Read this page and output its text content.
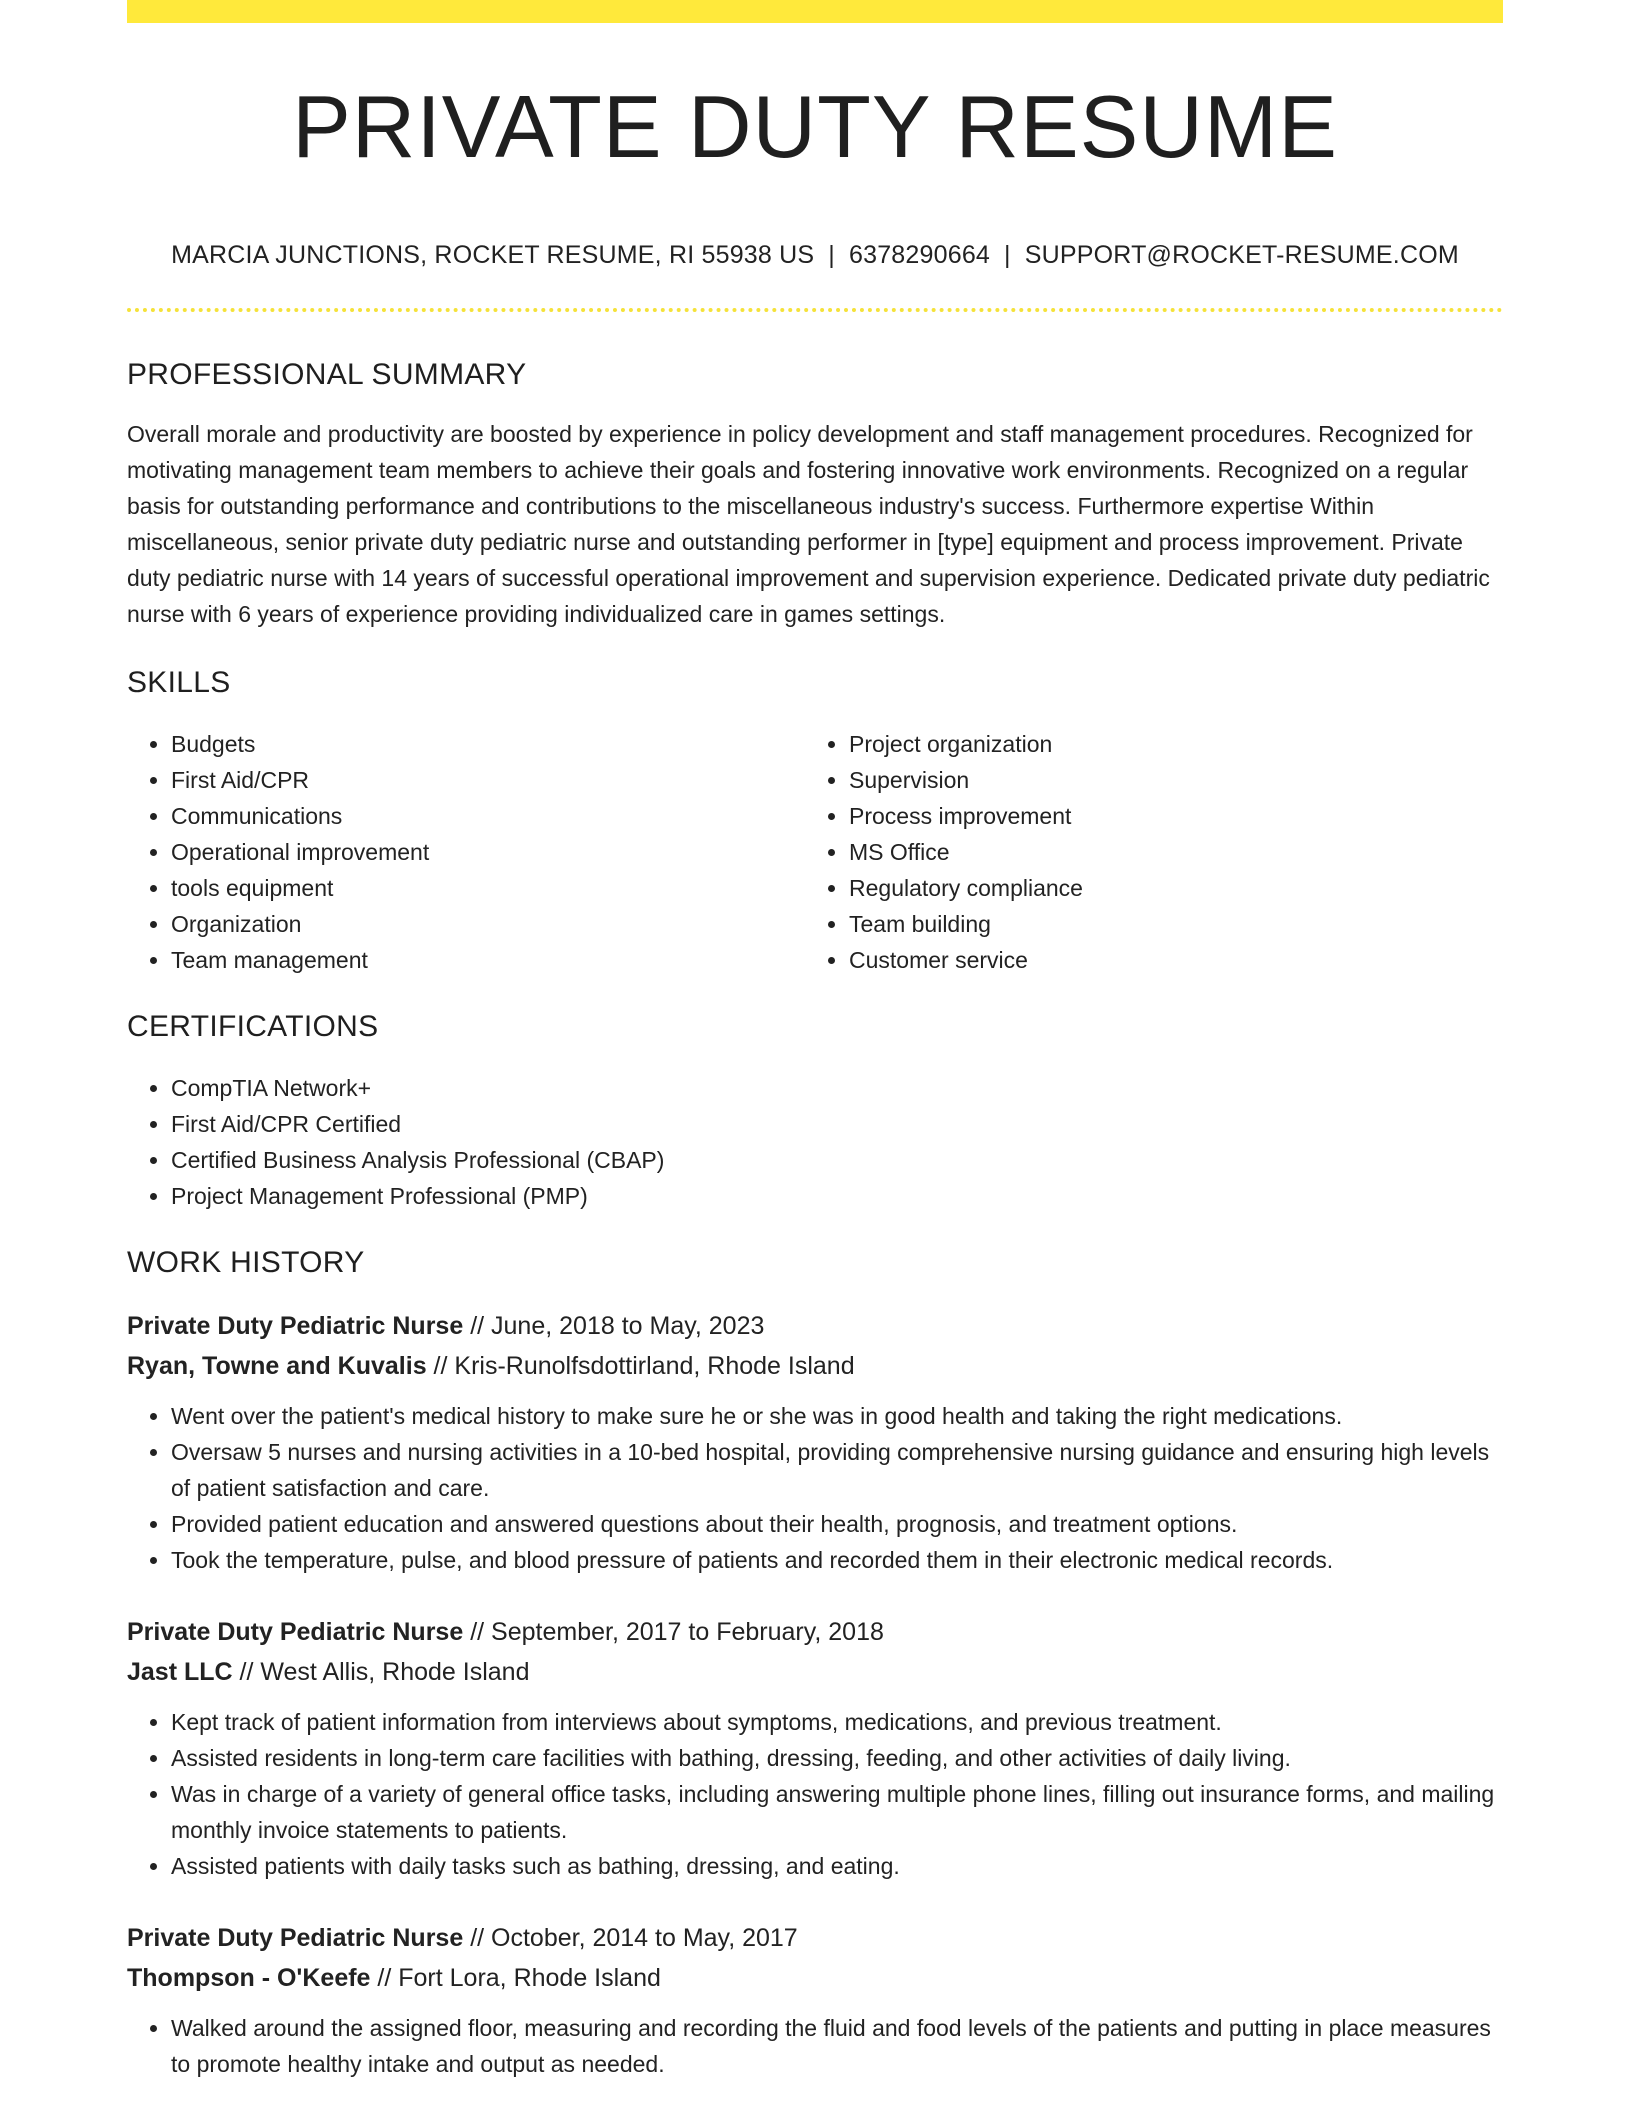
PRIVATE DUTY RESUME
MARCIA JUNCTIONS, ROCKET RESUME, RI 55938 US | 6378290664 | SUPPORT@ROCKET-RESUME.COM
PROFESSIONAL SUMMARY

Overall morale and productivity are boosted by experience in policy development and staff management procedures. Recognized for motivating management team members to achieve their goals and fostering innovative work environments. Recognized on a regular basis for outstanding performance and contributions to the miscellaneous industry's success. Furthermore expertise Within miscellaneous, senior private duty pediatric nurse and outstanding performer in [type] equipment and process improvement. Private duty pediatric nurse with 14 years of successful operational improvement and supervision experience. Dedicated private duty pediatric nurse with 6 years of experience providing individualized care in games settings.

SKILLS
• Budgets
• First Aid/CPR
• Communications
• Operational improvement
• tools equipment
• Organization
• Team management
• Project organization
• Supervision
• Process improvement
• MS Office
• Regulatory compliance
• Team building
• Customer service
CERTIFICATIONS
• CompTIA Network+
• First Aid/CPR Certified
• Certified Business Analysis Professional (CBAP)
• Project Management Professional (PMP)
WORK HISTORY
Private Duty Pediatric Nurse // June, 2018 to May, 2023
Ryan, Towne and Kuvalis // Kris-Runolfsdottirland, Rhode Island
• Went over the patient's medical history to make sure he or she was in good health and taking the right medications.
• Oversaw 5 nurses and nursing activities in a 10-bed hospital, providing comprehensive nursing guidance and ensuring high levels of patient satisfaction and care.
• Provided patient education and answered questions about their health, prognosis, and treatment options.
• Took the temperature, pulse, and blood pressure of patients and recorded them in their electronic medical records.
Private Duty Pediatric Nurse // September, 2017 to February, 2018
Jast LLC // West Allis, Rhode Island
• Kept track of patient information from interviews about symptoms, medications, and previous treatment.
• Assisted residents in long-term care facilities with bathing, dressing, feeding, and other activities of daily living.
• Was in charge of a variety of general office tasks, including answering multiple phone lines, filling out insurance forms, and mailing monthly invoice statements to patients.
• Assisted patients with daily tasks such as bathing, dressing, and eating.
Private Duty Pediatric Nurse // October, 2014 to May, 2017
Thompson - O'Keefe // Fort Lora, Rhode Island
• Walked around the assigned floor, measuring and recording the fluid and food levels of the patients and putting in place measures to promote healthy intake and output as needed.
